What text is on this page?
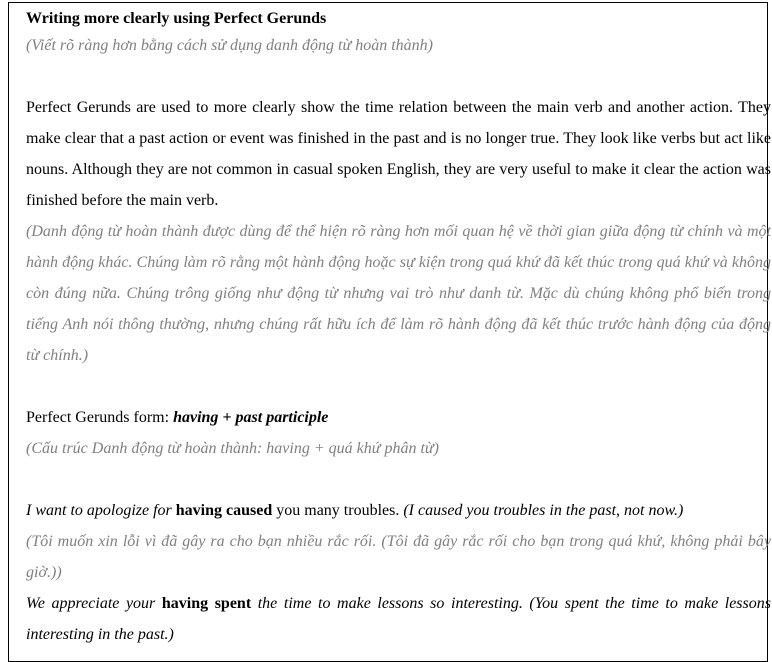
Writing more clearly using Perfect Gerunds

(Viết rõ ràng hơn bằng cách sử dụng danh động từ hoàn thành)

Perfect Gerunds are used to more clearly show the time relation between the main verb and another action. They make clear that a past action or event was finished in the past and is no longer true. They look like verbs but act like nouns. Although they are not common in casual spoken English, they are very useful to make it clear the action was finished before the main verb.

(Danh động từ hoàn thành được dùng để thể hiện rõ ràng hơn mối quan hệ về thời gian giữa động từ chính và một hành động khác. Chúng làm rõ rằng một hành động hoặc sự kiện trong quá khứ đã kết thúc trong quá khứ và không còn đúng nữa. Chúng trông giống như động từ nhưng vai trò như danh từ. Mặc dù chúng không phổ biến trong tiếng Anh nói thông thường, nhưng chúng rất hữu ích để làm rõ hành động đã kết thúc trước hành động của động từ chính.)

Perfect Gerunds form: having + past participle

(Cấu trúc Danh động từ hoàn thành: having + quá khứ phân từ)

I want to apologize for having caused you many troubles. (I caused you troubles in the past, not now.)

(Tôi muốn xin lỗi vì đã gây ra cho bạn nhiều rắc rối. (Tôi đã gây rắc rối cho bạn trong quá khứ, không phải bây giờ.))

We appreciate your having spent the time to make lessons so interesting. (You spent the time to make lessons interesting in the past.)
